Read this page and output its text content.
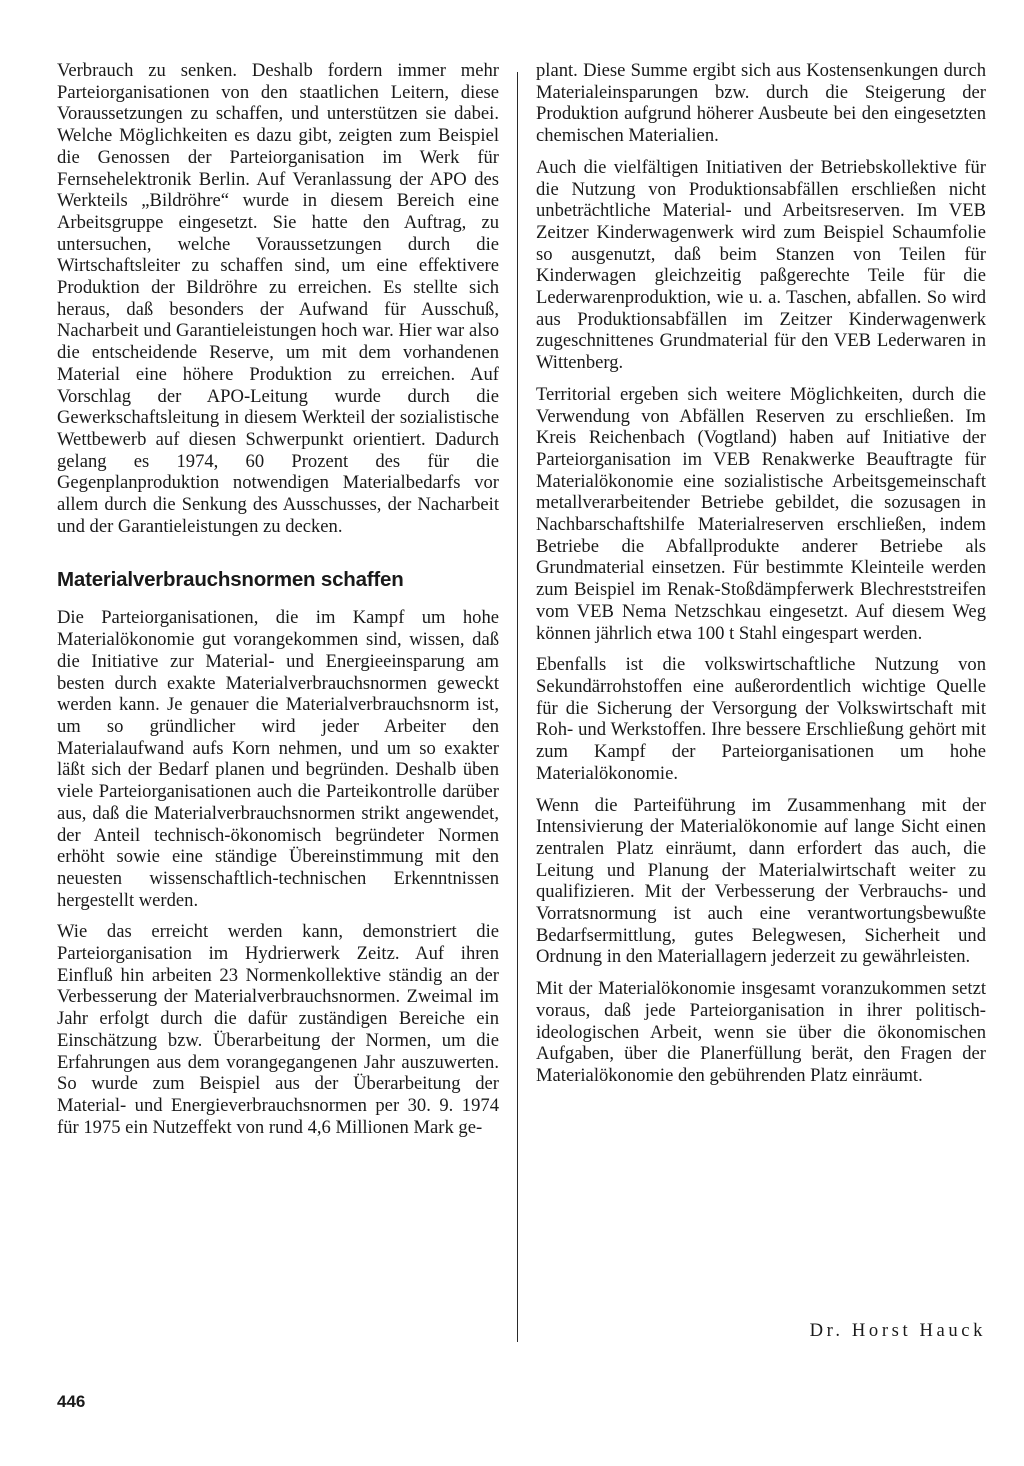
Verbrauch zu senken. Deshalb fordern immer mehr Parteiorganisationen von den staatlichen Leitern, diese Voraussetzungen zu schaffen, und unterstützen sie dabei. Welche Möglichkeiten es dazu gibt, zeigten zum Beispiel die Genossen der Parteiorganisation im Werk für Fernsehelektronik Berlin. Auf Veranlassung der APO des Werkteils „Bildröhre“ wurde in diesem Bereich eine Arbeitsgruppe eingesetzt. Sie hatte den Auftrag, zu untersuchen, welche Voraussetzungen durch die Wirtschaftsleiter zu schaffen sind, um eine effektivere Produktion der Bildröhre zu erreichen. Es stellte sich heraus, daß besonders der Aufwand für Ausschuß, Nacharbeit und Garantieleistungen hoch war. Hier war also die entscheidende Reserve, um mit dem vorhandenen Material eine höhere Produktion zu erreichen. Auf Vorschlag der APO-Leitung wurde durch die Gewerkschaftsleitung in diesem Werkteil der sozialistische Wettbewerb auf diesen Schwerpunkt orientiert. Dadurch gelang es 1974, 60 Prozent des für die Gegenplanproduktion notwendigen Materialbedarfs vor allem durch die Senkung des Ausschusses, der Nacharbeit und der Garantieleistungen zu decken.

Materialverbrauchsnormen schaffen

Die Parteiorganisationen, die im Kampf um hohe Materialökonomie gut vorangekommen sind, wissen, daß die Initiative zur Material- und Energieeinsparung am besten durch exakte Materialverbrauchsnormen geweckt werden kann. Je genauer die Materialverbrauchsnorm ist, um so gründlicher wird jeder Arbeiter den Materialaufwand aufs Korn nehmen, und um so exakter läßt sich der Bedarf planen und begründen. Deshalb üben viele Parteiorganisationen auch die Parteikontrolle darüber aus, daß die Materialverbrauchsnormen strikt angewendet, der Anteil technisch-ökonomisch begründeter Normen erhöht sowie eine ständige Übereinstimmung mit den neuesten wissenschaftlich-technischen Erkenntnissen hergestellt werden.

Wie das erreicht werden kann, demonstriert die Parteiorganisation im Hydrierwerk Zeitz. Auf ihren Einfluß hin arbeiten 23 Normenkollektive ständig an der Verbesserung der Materialverbrauchsnormen. Zweimal im Jahr erfolgt durch die dafür zuständigen Bereiche ein Einschätzung bzw. Überarbeitung der Normen, um die Erfahrungen aus dem vorangegangenen Jahr auszuwerten. So wurde zum Beispiel aus der Überarbeitung der Material- und Energieverbrauchsnormen per 30. 9. 1974 für 1975 ein Nutzeffekt von rund 4,6 Millionen Mark ge-

plant. Diese Summe ergibt sich aus Kostensenkungen durch Materialeinsparungen bzw. durch die Steigerung der Produktion aufgrund höherer Ausbeute bei den eingesetzten chemischen Materialien.

Auch die vielfältigen Initiativen der Betriebskollektive für die Nutzung von Produktionsabfällen erschließen nicht unbeträchtliche Material- und Arbeitsreserven. Im VEB Zeitzer Kinderwagenwerk wird zum Beispiel Schaumfolie so ausgenutzt, daß beim Stanzen von Teilen für Kinderwagen gleichzeitig paßgerechte Teile für die Lederwarenproduktion, wie u. a. Taschen, abfallen. So wird aus Produktionsabfällen im Zeitzer Kinderwagenwerk zugeschnittenes Grundmaterial für den VEB Lederwaren in Wittenberg.

Territorial ergeben sich weitere Möglichkeiten, durch die Verwendung von Abfällen Reserven zu erschließen. Im Kreis Reichenbach (Vogtland) haben auf Initiative der Parteiorganisation im VEB Renakwerke Beauftragte für Materialökonomie eine sozialistische Arbeitsgemeinschaft metallverarbeitender Betriebe gebildet, die sozusagen in Nachbarschaftshilfe Materialreserven erschließen, indem Betriebe die Abfallprodukte anderer Betriebe als Grundmaterial einsetzen. Für bestimmte Kleinteile werden zum Beispiel im Renak-Stoßdämpferwerk Blechreststreifen vom VEB Nema Netzschkau eingesetzt. Auf diesem Weg können jährlich etwa 100 t Stahl eingespart werden.

Ebenfalls ist die volkswirtschaftliche Nutzung von Sekundärrohstoffen eine außerordentlich wichtige Quelle für die Sicherung der Versorgung der Volkswirtschaft mit Roh- und Werkstoffen. Ihre bessere Erschließung gehört mit zum Kampf der Parteiorganisationen um hohe Materialökonomie.

Wenn die Parteiführung im Zusammenhang mit der Intensivierung der Materialökonomie auf lange Sicht einen zentralen Platz einräumt, dann erfordert das auch, die Leitung und Planung der Materialwirtschaft weiter zu qualifizieren. Mit der Verbesserung der Verbrauchs- und Vorratsnormung ist auch eine verantwortungsbewußte Bedarfsermittlung, gutes Belegwesen, Sicherheit und Ordnung in den Materiallagern jederzeit zu gewährleisten.

Mit der Materialökonomie insgesamt voranzukommen setzt voraus, daß jede Parteiorganisation in ihrer politisch-ideologischen Arbeit, wenn sie über die ökonomischen Aufgaben, über die Planerfüllung berät, den Fragen der Materialökonomie den gebührenden Platz einräumt.

Dr. Horst Hauck
446
